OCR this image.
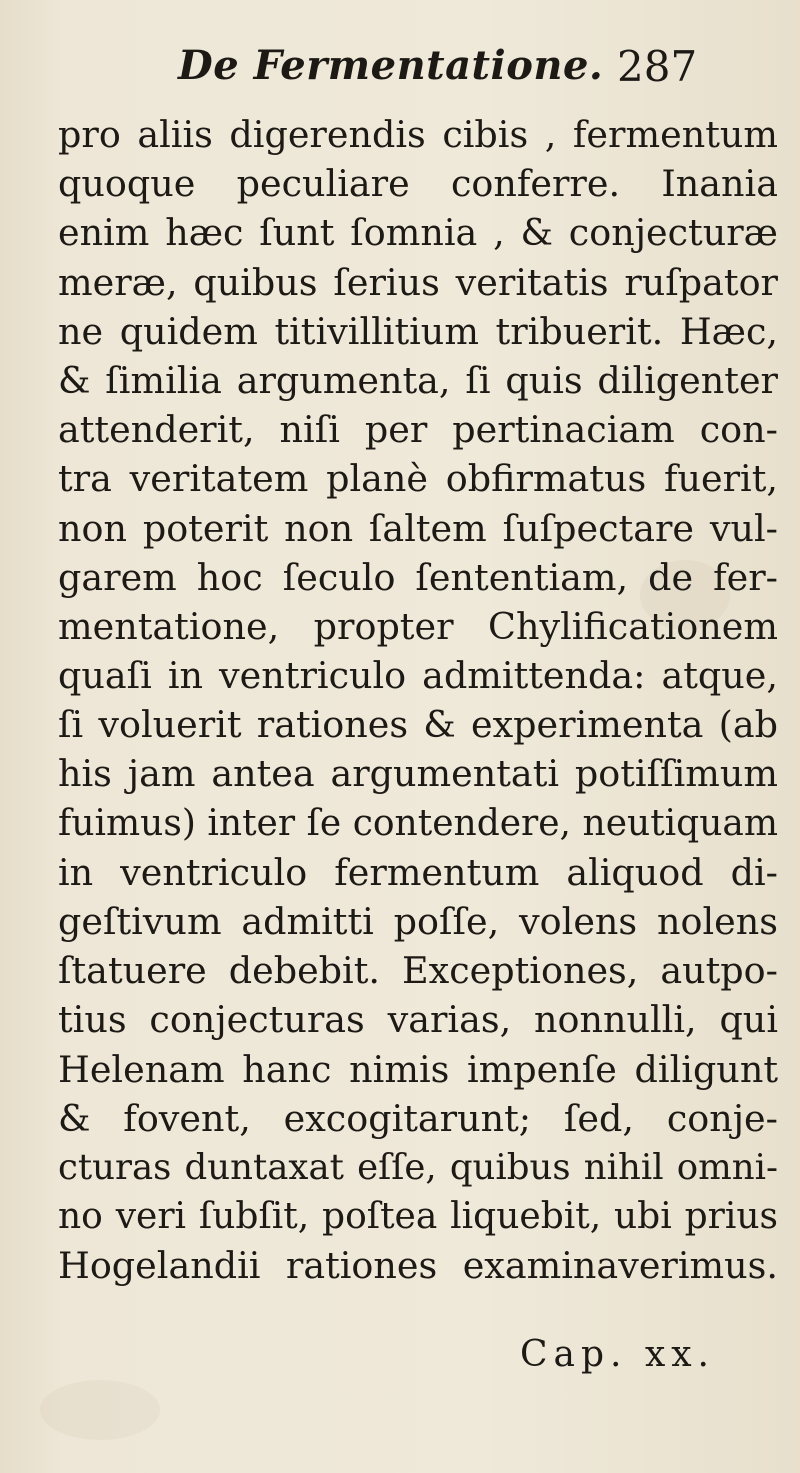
De Fermentatione. 287
pro aliis digerendis cibis , fermentum
quoque peculiare conferre. Inania
enim hæc ſunt ſomnia , & conjecturæ
meræ, quibus ſerius veritatis ruſpator
ne quidem titivillitium tribuerit. Hæc,
& ſimilia argumenta, ſi quis diligenter
attenderit, niſi per pertinaciam con-
tra veritatem planè obfirmatus fuerit,
non poterit non ſaltem ſuſpectare vul-
garem hoc ſeculo ſententiam, de fer-
mentatione, propter Chylificationem
quaſi in ventriculo admittenda: atque,
ſi voluerit rationes & experimenta (ab
his jam antea argumentati potiſſimum
fuimus) inter ſe contendere, neutiquam
in ventriculo fermentum aliquod di-
geſtivum admitti poſſe, volens nolens
ſtatuere debebit. Exceptiones, autpo-
tius conjecturas varias, nonnulli, qui
Helenam hanc nimis impenſe diligunt
& fovent, excogitarunt; ſed, conje-
cturas duntaxat eſſe, quibus nihil omni-
no veri ſubſit, poſtea liquebit, ubi prius
Hogelandii rationes examinaverimus.
Cap. xx.
